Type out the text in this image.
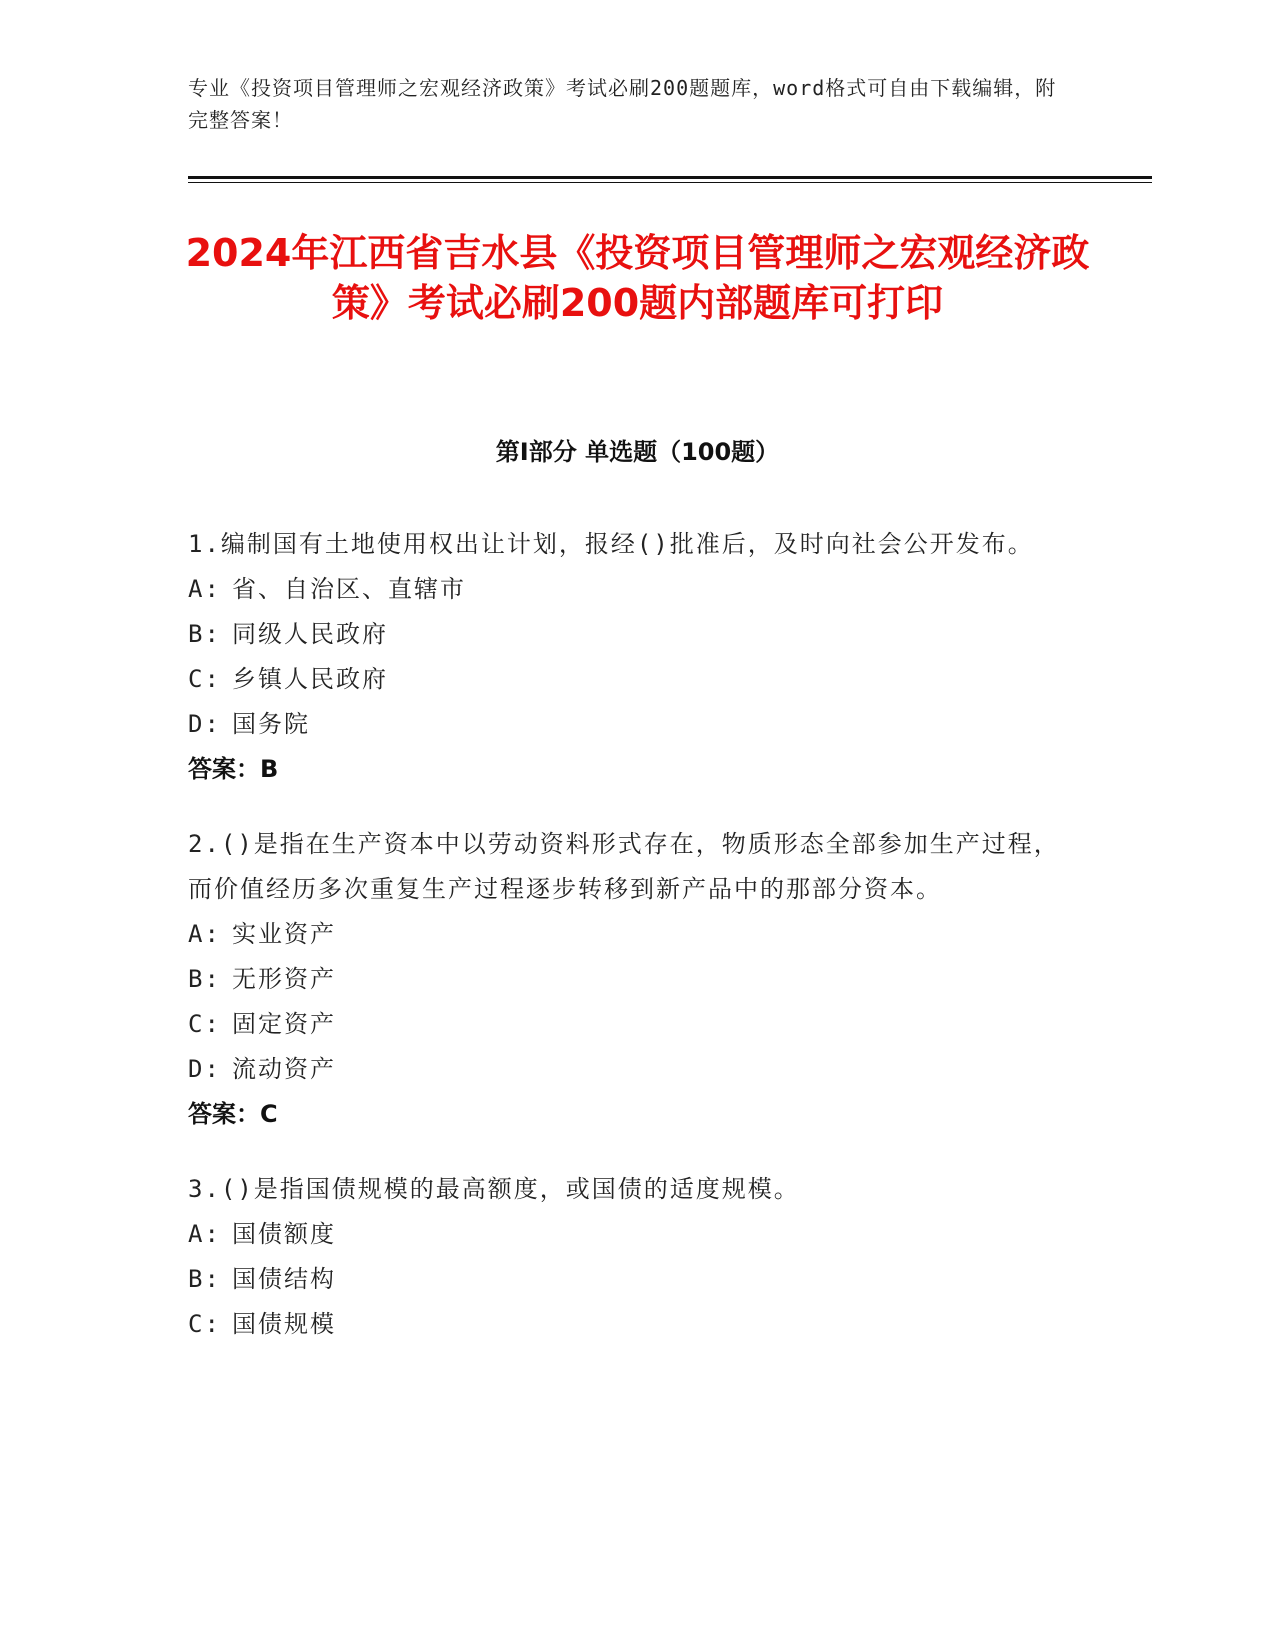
专业《投资项目管理师之宏观经济政策》考试必刷200题题库，word格式可自由下载编辑，附完整答案！
2024年江西省吉水县《投资项目管理师之宏观经济政策》考试必刷200题内部题库可打印
第Ⅰ部分 单选题（100题）
1.编制国有土地使用权出让计划，报经()批准后，及时向社会公开发布。
A: 省、自治区、直辖市
B: 同级人民政府
C: 乡镇人民政府
D: 国务院
答案：B
2.()是指在生产资本中以劳动资料形式存在，物质形态全部参加生产过程，而价值经历多次重复生产过程逐步转移到新产品中的那部分资本。
A: 实业资产
B: 无形资产
C: 固定资产
D: 流动资产
答案：C
3.()是指国债规模的最高额度，或国债的适度规模。
A: 国债额度
B: 国债结构
C: 国债规模
